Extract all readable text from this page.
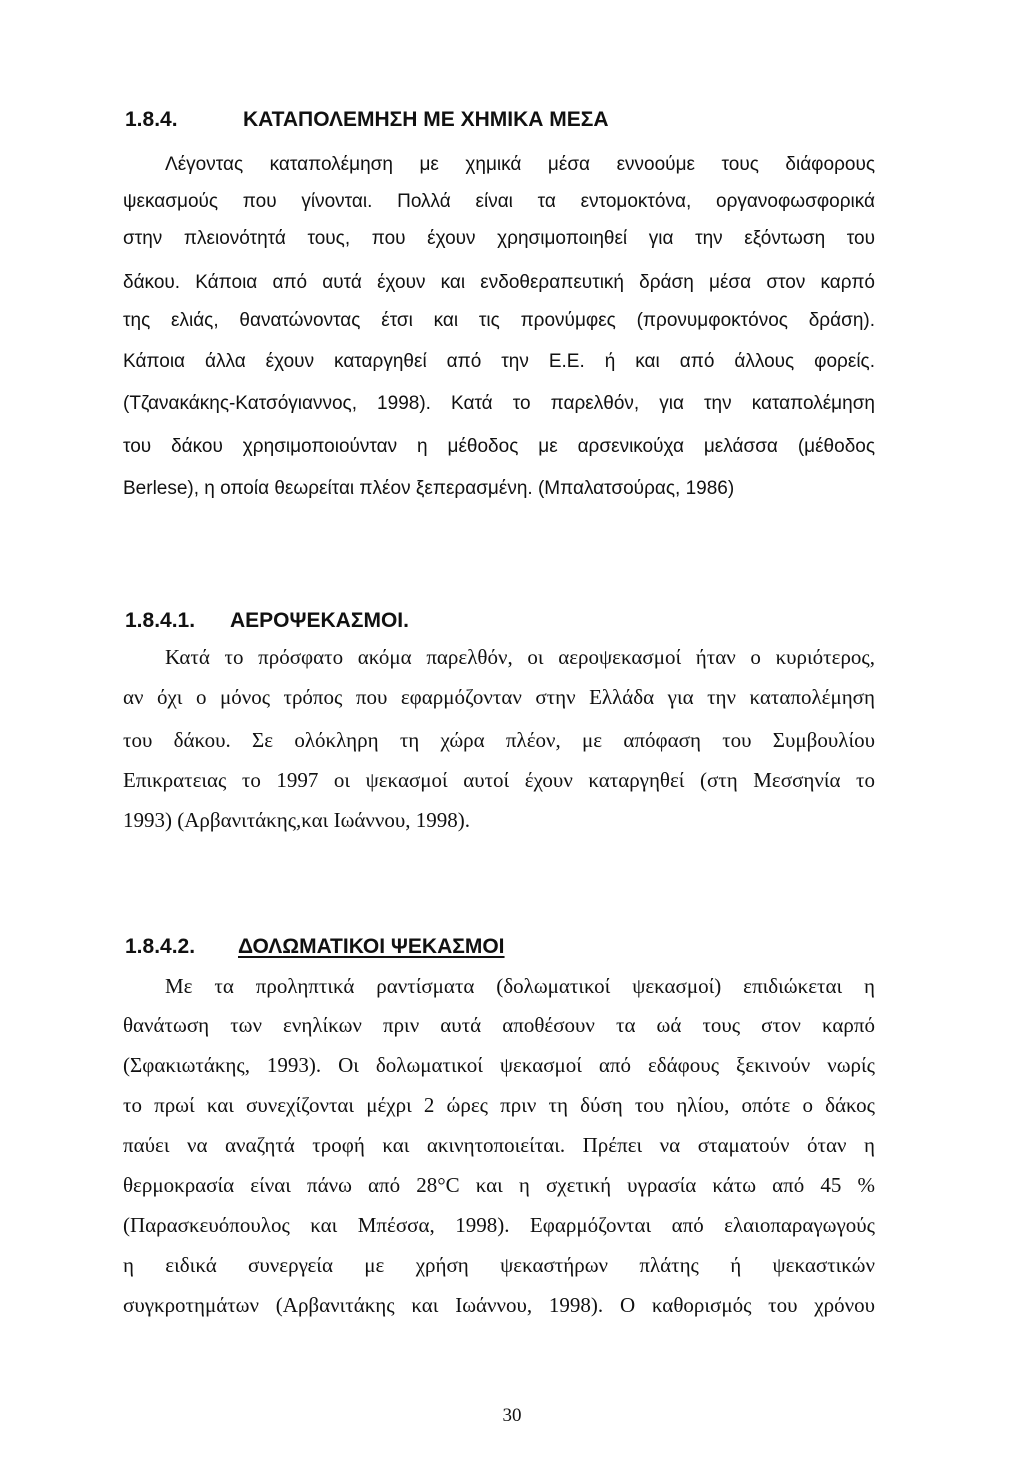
1.8.4.	ΚΑΤΑΠΟΛΕΜΗΣΗ ΜΕ ΧΗΜΙΚΑ ΜΕΣΑ
Λέγοντας καταπολέμηση με χημικά μέσα εννοούμε τους διάφορους
ψεκασμούς που γίνονται. Πολλά είναι τα εντομοκτόνα, οργανοφωσφορικά
στην πλειονότητά τους, που έχουν χρησιμοποιηθεί για την εξόντωση του
δάκου. Κάποια από αυτά έχουν και ενδοθεραπευτική δράση μέσα στον καρπό
της ελιάς, θανατώνοντας έτσι και τις προνύμφες (προνυμφοκτόνος δράση).
Κάποια άλλα έχουν καταργηθεί από την Ε.Ε. ή και από άλλους φορείς.
(Τζανακάκης-Κατσόγιαννος, 1998). Κατά το παρελθόν, για την καταπολέμηση
του δάκου χρησιμοποιούνταν η μέθοδος με αρσενικούχα μελάσσα (μέθοδος
Berlese), η οποία θεωρείται πλέον ξεπερασμένη. (Μπαλατσούρας, 1986)
1.8.4.1. ΑΕΡΟΨΕΚΑΣΜΟΙ.
Κατά το πρόσφατο ακόμα παρελθόν, οι αεροψεκασμοί ήταν ο κυριότερος,
αν όχι ο μόνος τρόπος που εφαρμόζονταν στην Ελλάδα για την καταπολέμηση
του δάκου. Σε ολόκληρη τη χώρα πλέον, με απόφαση του Συμβουλίου
Επικρατειας το 1997 οι ψεκασμοί αυτοί έχουν καταργηθεί (στη Μεσσηνία το
1993) (Αρβανιτάκης,και Ιωάννου, 1998).
1.8.4.2. ΔΟΛΩΜΑΤΙΚΟΙ ΨΕΚΑΣΜΟΙ
Με τα προληπτικά ραντίσματα (δολωματικοί ψεκασμοί) επιδιώκεται η
θανάτωση των ενηλίκων πριν αυτά αποθέσουν τα ωά τους στον καρπό
(Σφακιωτάκης, 1993). Οι δολωματικοί ψεκασμοί από εδάφους ξεκινούν νωρίς
το πρωί και συνεχίζονται μέχρι 2 ώρες πριν τη δύση του ηλίου, οπότε ο δάκος
παύει να αναζητά τροφή και ακινητοποιείται. Πρέπει να σταματούν όταν η
θερμοκρασία είναι πάνω από 28°C και η σχετική υγρασία κάτω από 45 %
(Παρασκευόπουλος και Μπέσσα, 1998). Εφαρμόζονται από ελαιοπαραγωγούς
η ειδικά συνεργεία με χρήση ψεκαστήρων πλάτης ή ψεκαστικών
συγκροτημάτων (Αρβανιτάκης και Ιωάννου, 1998). Ο καθορισμός του χρόνου
30
